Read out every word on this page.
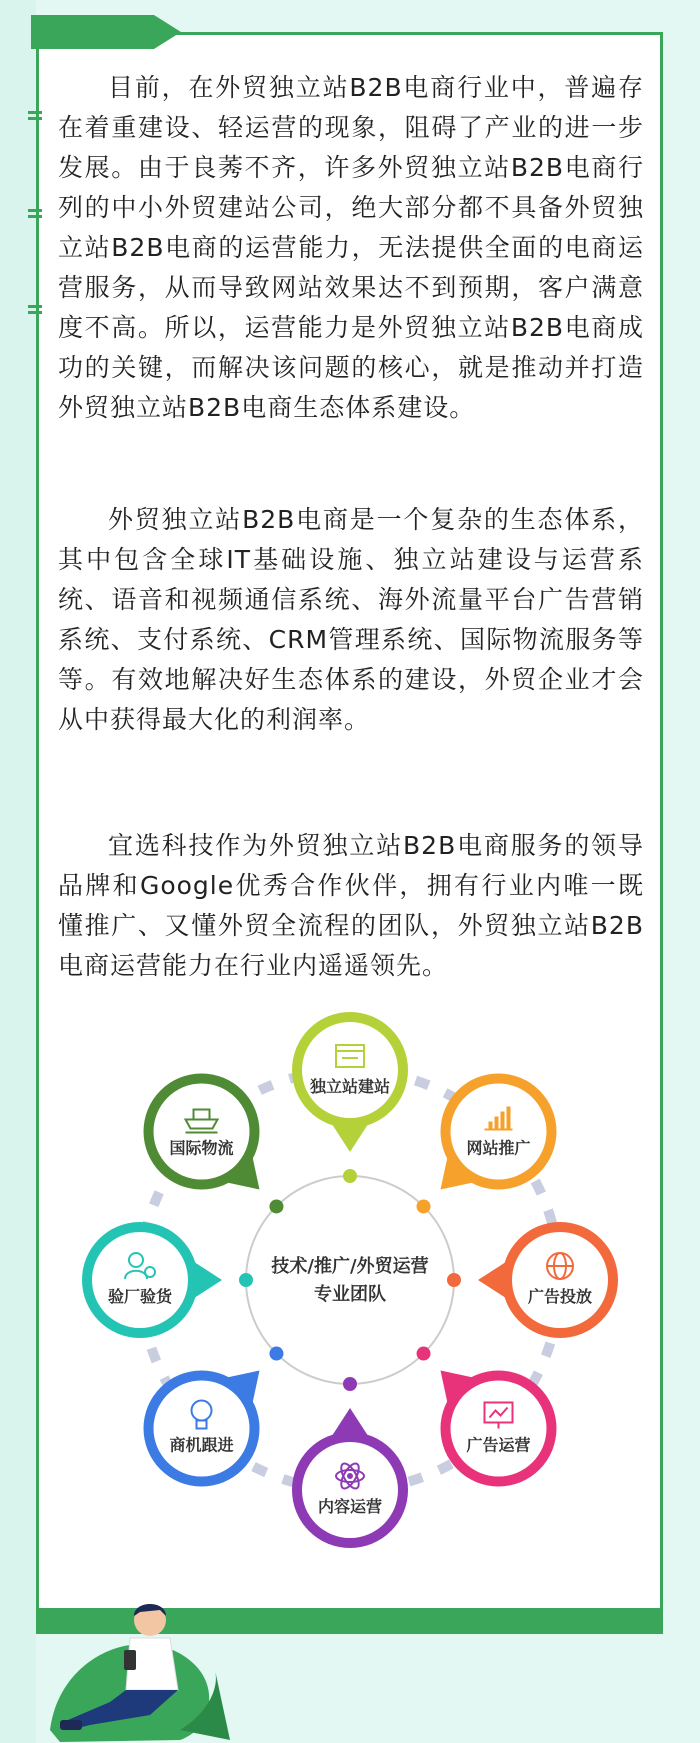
目前，在外贸独立站B2B电商行业中，普遍存在着重建设、轻运营的现象，阻碍了产业的进一步发展。由于良莠不齐，许多外贸独立站B2B电商行列的中小外贸建站公司，绝大部分都不具备外贸独立站B2B电商的运营能力，无法提供全面的电商运营服务，从而导致网站效果达不到预期，客户满意度不高。所以，运营能力是外贸独立站B2B电商成功的关键，而解决该问题的核心，就是推动并打造外贸独立站B2B电商生态体系建设。

外贸独立站B2B电商是一个复杂的生态体系，其中包含全球IT基础设施、独立站建设与运营系统、语音和视频通信系统、海外流量平台广告营销系统、支付系统、CRM管理系统、国际物流服务等等。有效地解决好生态体系的建设，外贸企业才会从中获得最大化的利润率。

宜选科技作为外贸独立站B2B电商服务的领导品牌和Google优秀合作伙伴，拥有行业内唯一既懂推广、又懂外贸全流程的团队，外贸独立站B2B电商运营能力在行业内遥遥领先。

技术/推广/外贸运营
专业团队
独立站建站
网站推广
广告投放
广告运营
内容运营
商机跟进
验厂验货
国际物流
